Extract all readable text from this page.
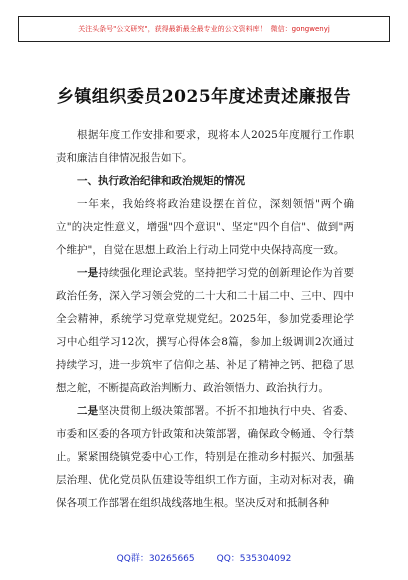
关注头条号"公文研究"，获得最新最全最专业的公文资料库！ 微信：gongwenyj
乡镇组织委员2025年度述责述廉报告

根据年度工作安排和要求，现将本人2025年度履行工作职责和廉洁自律情况报告如下。

一、执行政治纪律和政治规矩的情况

一年来，我始终将政治建设摆在首位，深刻领悟"两个确立"的决定性意义，增强"四个意识"、坚定"四个自信"、做到"两个维护"，自觉在思想上政治上行动上同党中央保持高度一致。

一是持续强化理论武装。坚持把学习党的创新理论作为首要政治任务，深入学习领会党的二十大和二十届二中、三中、四中全会精神，系统学习党章党规党纪。2025年，参加党委理论学习中心组学习12次，撰写心得体会8篇，参加上级调训2次通过持续学习，进一步筑牢了信仰之基、补足了精神之钙、把稳了思想之舵，不断提高政治判断力、政治领悟力、政治执行力。

二是坚决贯彻上级决策部署。不折不扣地执行中央、省委、市委和区委的各项方针政策和决策部署，确保政令畅通、令行禁止。紧紧围绕镇党委中心工作，特别是在推动乡村振兴、加强基层治理、优化党员队伍建设等组织工作方面，主动对标对表，确保各项工作部署在组织战线落地生根。坚决反对和抵制各种

QQ群：30265665 QQ：535304092
